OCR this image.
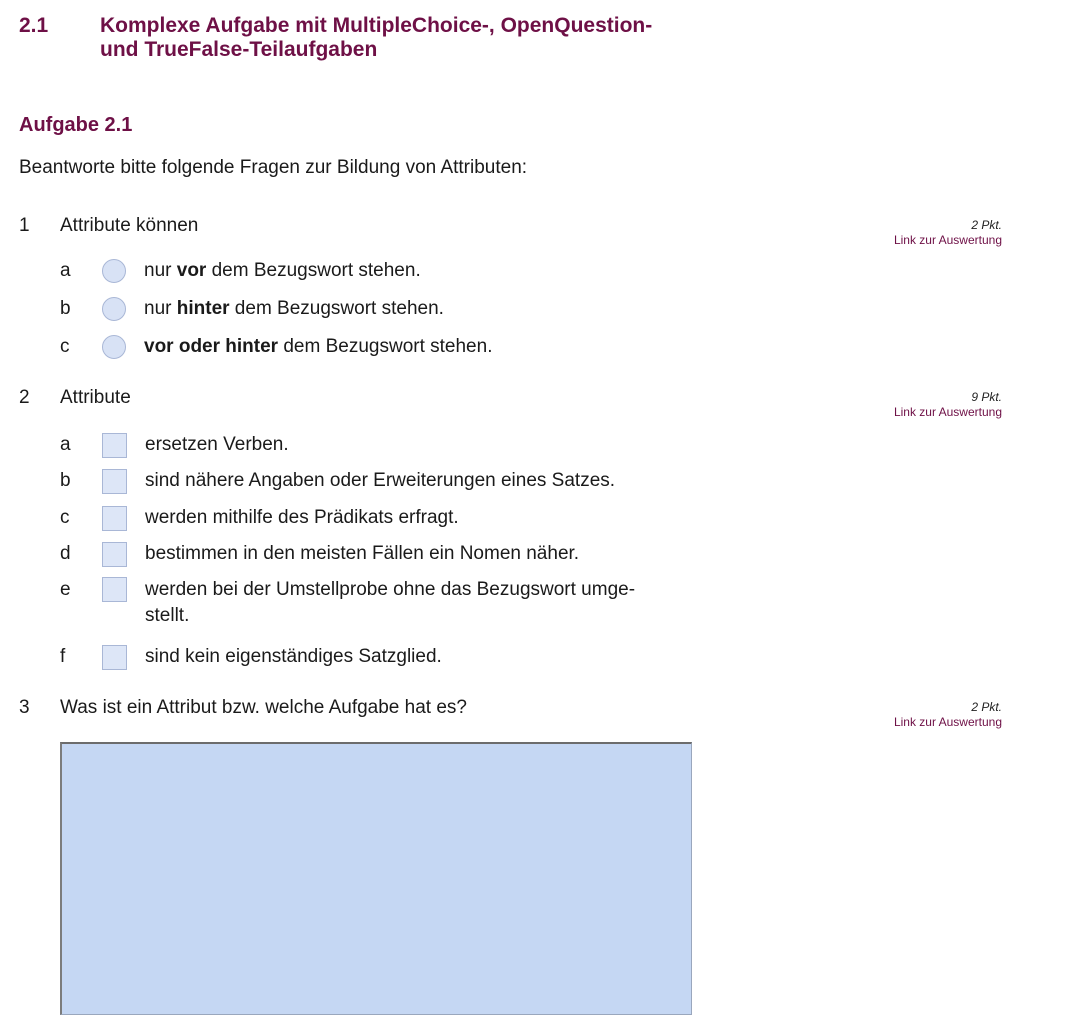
2.1 Komplexe Aufgabe mit MultipleChoice-, OpenQuestion-
und TrueFalse-Teilaufgaben
Aufgabe 2.1
Beantworte bitte folgende Fragen zur Bildung von Attributen:
1 Attribute können	2 Pkt.
Link zur Auswertung
a	nur vor dem Bezugswort stehen.
b	nur hinter dem Bezugswort stehen.
c	vor oder hinter dem Bezugswort stehen.
2 Attribute	9 Pkt.
Link zur Auswertung
a	ersetzen Verben.
b	sind nähere Angaben oder Erweiterungen eines Satzes.
c	werden mithilfe des Prädikats erfragt.
d	bestimmen in den meisten Fällen ein Nomen näher.
e	werden bei der Umstellprobe ohne das Bezugswort umge-
stellt.
f	sind kein eigenständiges Satzglied.
3 Was ist ein Attribut bzw. welche Aufgabe hat es?	2 Pkt.
Link zur Auswertung
